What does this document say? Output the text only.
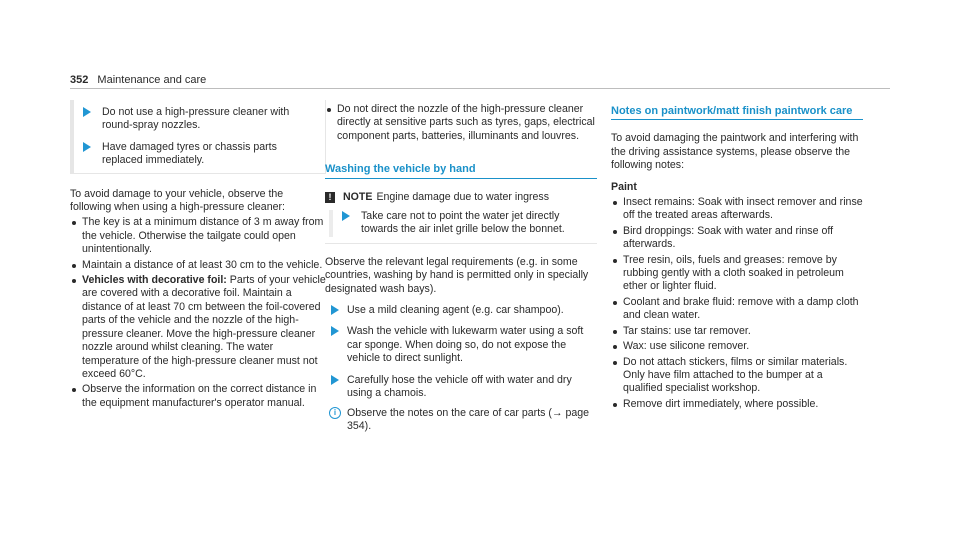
352 Maintenance and care

Do not use a high-pressure cleaner with round-spray nozzles.

Have damaged tyres or chassis parts replaced immediately.

To avoid damage to your vehicle, observe the following when using a high-pressure cleaner:

The key is at a minimum distance of 3 m away from the vehicle. Otherwise the tailgate could open unintentionally.
Maintain a distance of at least 30 cm to the vehicle.
Vehicles with decorative foil: Parts of your vehicle are covered with a decorative foil. Maintain a distance of at least 70 cm between the foil-covered parts of the vehicle and the nozzle of the high-pressure cleaner. Move the high-pressure cleaner nozzle around whilst cleaning. The water temperature of the high-pressure cleaner must not exceed 60°C.
Observe the information on the correct distance in the equipment manufacturer's operator manual.
Do not direct the nozzle of the high-pressure cleaner directly at sensitive parts such as tyres, gaps, electrical component parts, batteries, illuminants and louvres.
Washing the vehicle by hand
!	NOTE Engine damage due to water ingress

Take care not to point the water jet directly towards the air inlet grille below the bonnet.

Observe the relevant legal requirements (e.g. in some countries, washing by hand is permitted only in specially designated wash bays).

Use a mild cleaning agent (e.g. car shampoo).

Wash the vehicle with lukewarm water using a soft car sponge. When doing so, do not expose the vehicle to direct sunlight.

Carefully hose the vehicle off with water and dry using a chamois.

i	Observe the notes on the care of car parts (→ page 354).

Notes on paintwork/matt finish paintwork care

To avoid damaging the paintwork and interfering with the driving assistance systems, please observe the following notes:

Paint

Insect remains: Soak with insect remover and rinse off the treated areas afterwards.
Bird droppings: Soak with water and rinse off afterwards.
Tree resin, oils, fuels and greases: remove by rubbing gently with a cloth soaked in petroleum ether or lighter fluid.
Coolant and brake fluid: remove with a damp cloth and clean water.
Tar stains: use tar remover.
Wax: use silicone remover.
Do not attach stickers, films or similar materials. Only have film attached to the bumper at a qualified specialist workshop.
Remove dirt immediately, where possible.
